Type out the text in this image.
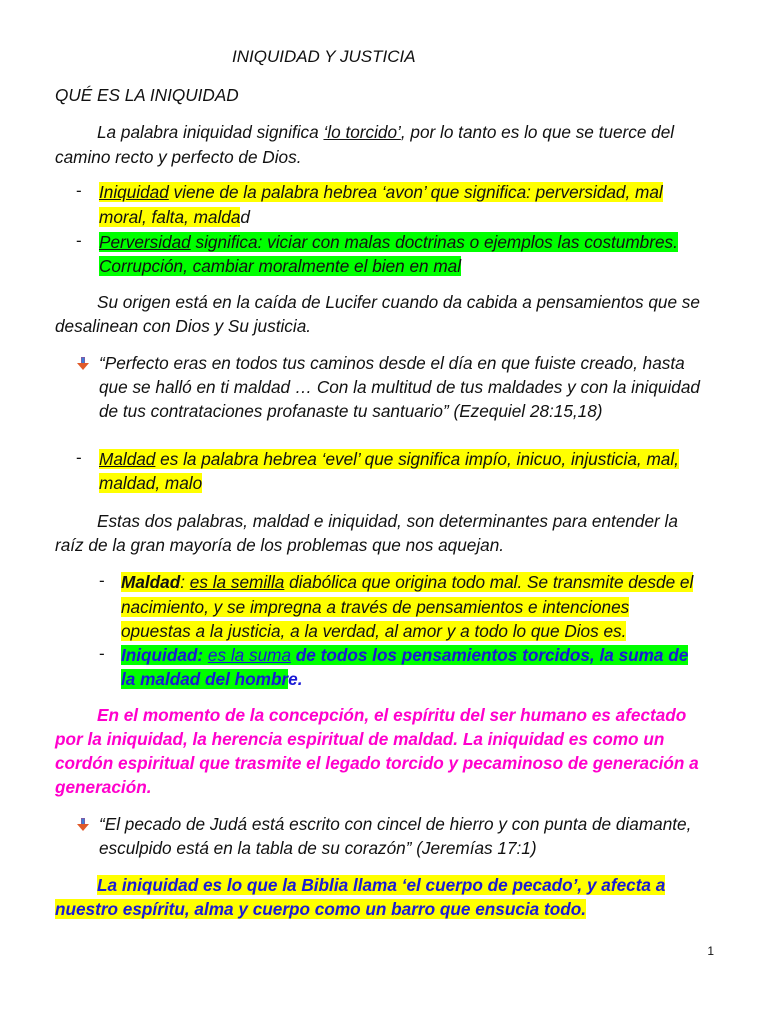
INIQUIDAD Y JUSTICIA
QUÉ ES LA INIQUIDAD
La palabra iniquidad significa ‘lo torcido’, por lo tanto es lo que se tuerce del
camino recto y perfecto de Dios.
- Iniquidad viene de la palabra hebrea ‘avon’ que significa: perversidad, mal
moral, falta, maldad
- Perversidad significa: viciar con malas doctrinas o ejemplos las costumbres.
Corrupción, cambiar moralmente el bien en mal
Su origen está en la caída de Lucifer cuando da cabida a pensamientos que se
desalinean con Dios y Su justicia.
“Perfecto eras en todos tus caminos desde el día en que fuiste creado, hasta
que se halló en ti maldad … Con la multitud de tus maldades y con la iniquidad
de tus contrataciones profanaste tu santuario” (Ezequiel 28:15,18)
- Maldad es la palabra hebrea ‘evel’ que significa impío, inicuo, injusticia, mal,
maldad, malo
Estas dos palabras, maldad e iniquidad, son determinantes para entender la
raíz de la gran mayoría de los problemas que nos aquejan.
- Maldad: es la semilla diabólica que origina todo mal. Se transmite desde el
nacimiento, y se impregna a través de pensamientos e intenciones
opuestas a la justicia, a la verdad, al amor y a todo lo que Dios es.
- Iniquidad: es la suma de todos los pensamientos torcidos, la suma de
la maldad del hombre.
En el momento de la concepción, el espíritu del ser humano es afectado
por la iniquidad, la herencia espiritual de maldad. La iniquidad es como un
cordón espiritual que trasmite el legado torcido y pecaminoso de generación a
generación.
“El pecado de Judá está escrito con cincel de hierro y con punta de diamante,
esculpido está en la tabla de su corazón” (Jeremías 17:1)
La iniquidad es lo que la Biblia llama ‘el cuerpo de pecado’, y afecta a
nuestro espíritu, alma y cuerpo como un barro que ensucia todo.
1
